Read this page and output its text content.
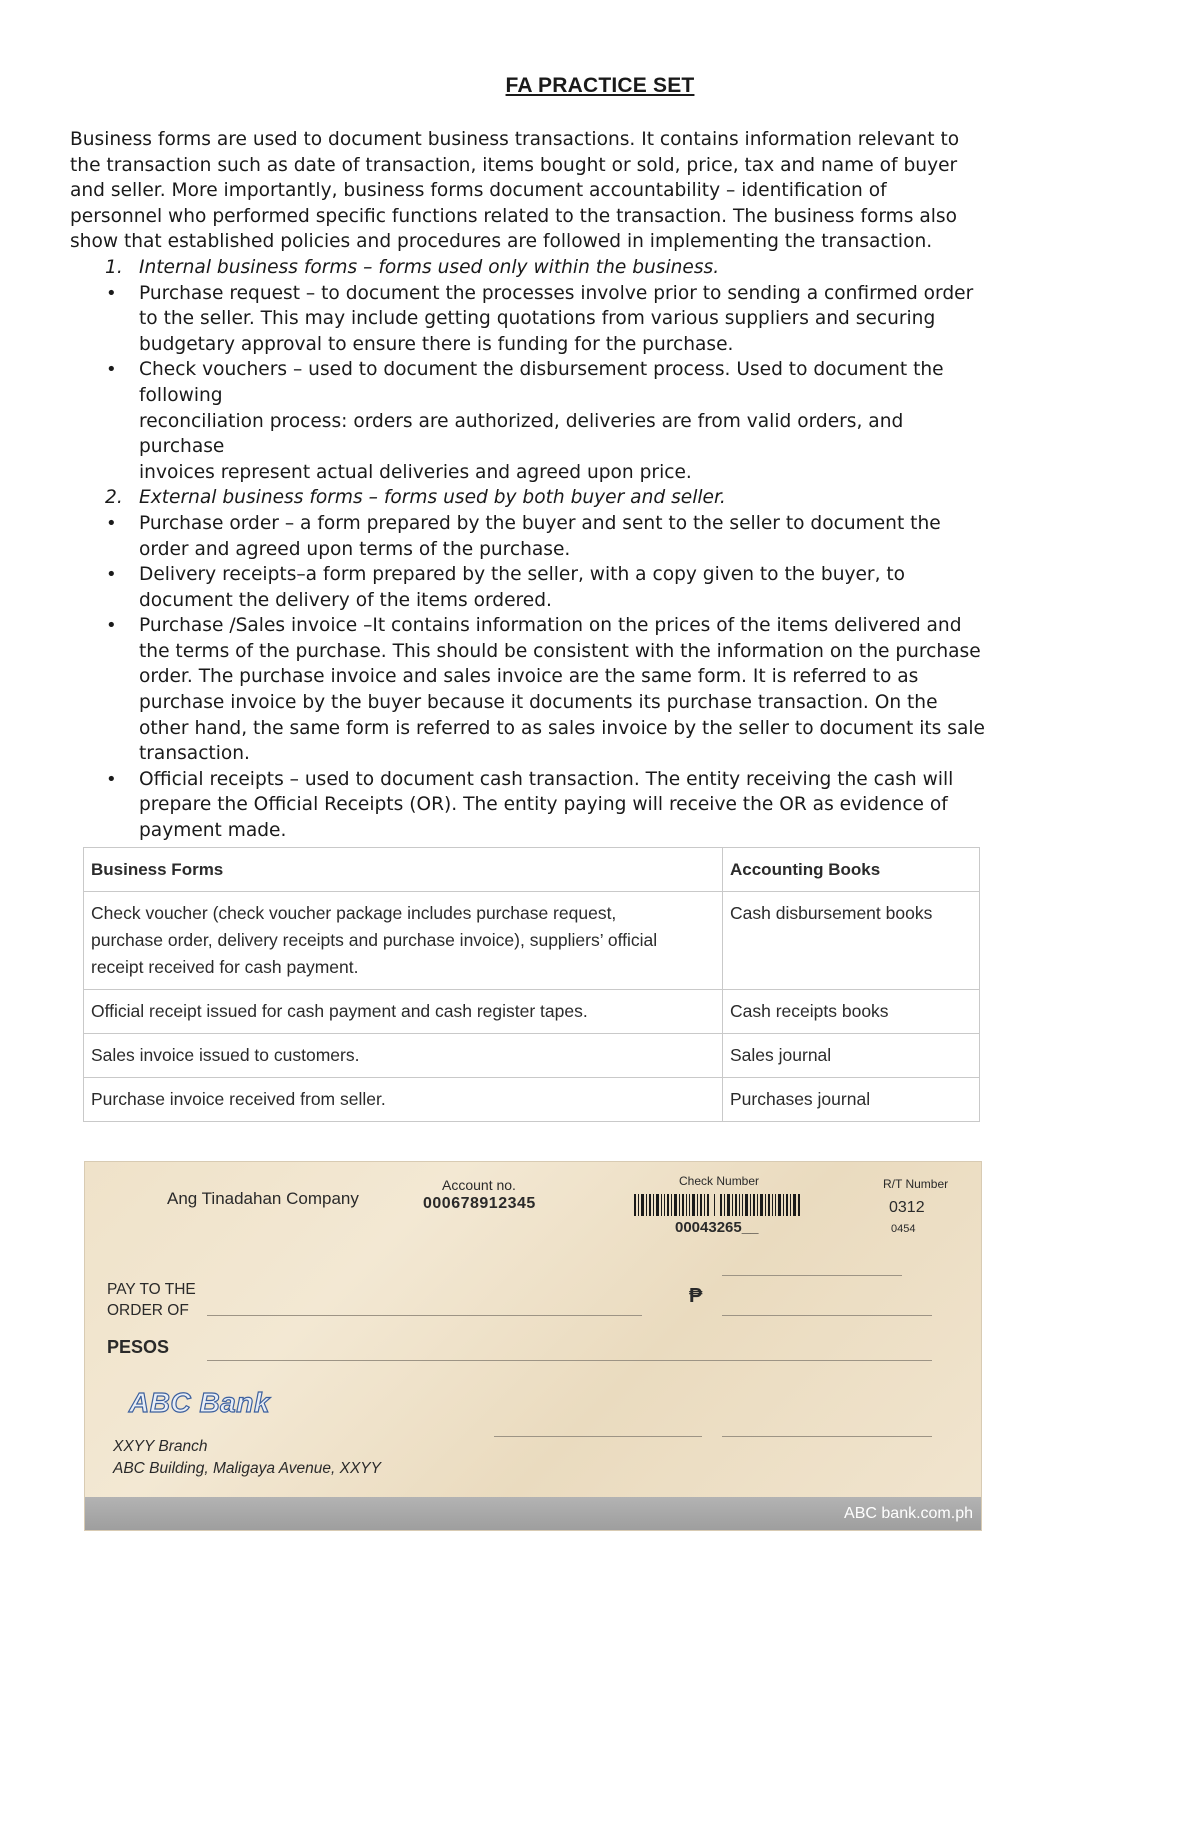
FA PRACTICE SET

Business forms are used to document business transactions. It contains information relevant to
the transaction such as date of transaction, items bought or sold, price, tax and name of buyer
and seller. More importantly, business forms document accountability – identification of
personnel who performed specific functions related to the transaction. The business forms also
show that established policies and procedures are followed in implementing the transaction.

1. Internal business forms – forms used only within the business.
•	Purchase request – to document the processes involve prior to sending a confirmed order
to the seller. This may include getting quotations from various suppliers and securing
budgetary approval to ensure there is funding for the purchase.
•	Check vouchers – used to document the disbursement process. Used to document the
following
reconciliation process: orders are authorized, deliveries are from valid orders, and
purchase
invoices represent actual deliveries and agreed upon price.
2. External business forms – forms used by both buyer and seller.
•	Purchase order – a form prepared by the buyer and sent to the seller to document the
order and agreed upon terms of the purchase.
•	Delivery receipts–a form prepared by the seller, with a copy given to the buyer, to
document the delivery of the items ordered.
•	Purchase /Sales invoice –It contains information on the prices of the items delivered and
the terms of the purchase. This should be consistent with the information on the purchase
order. The purchase invoice and sales invoice are the same form. It is referred to as
purchase invoice by the buyer because it documents its purchase transaction. On the
other hand, the same form is referred to as sales invoice by the seller to document its sale
transaction.
•	Official receipts – used to document cash transaction. The entity receiving the cash will
prepare the Official Receipts (OR). The entity paying will receive the OR as evidence of
payment made.
Business Forms	Accounting Books

Check voucher (check voucher package includes purchase request,
purchase order, delivery receipts and purchase invoice), suppliers’ official
receipt received for cash payment.	Cash disbursement books
Official receipt issued for cash payment and cash register tapes.	Cash receipts books
Sales invoice issued to customers.	Sales journal
Purchase invoice received from seller.	Purchases journal
Ang Tinadahan Company
Account no.
000678912345
Check Number
00043265__
R/T Number
0312
0454
PAY TO THE
ORDER OF
₱
PESOS
ABC Bank
XXYY Branch
ABC Building, Maligaya Avenue, XXYY
ABC bank.com.ph
